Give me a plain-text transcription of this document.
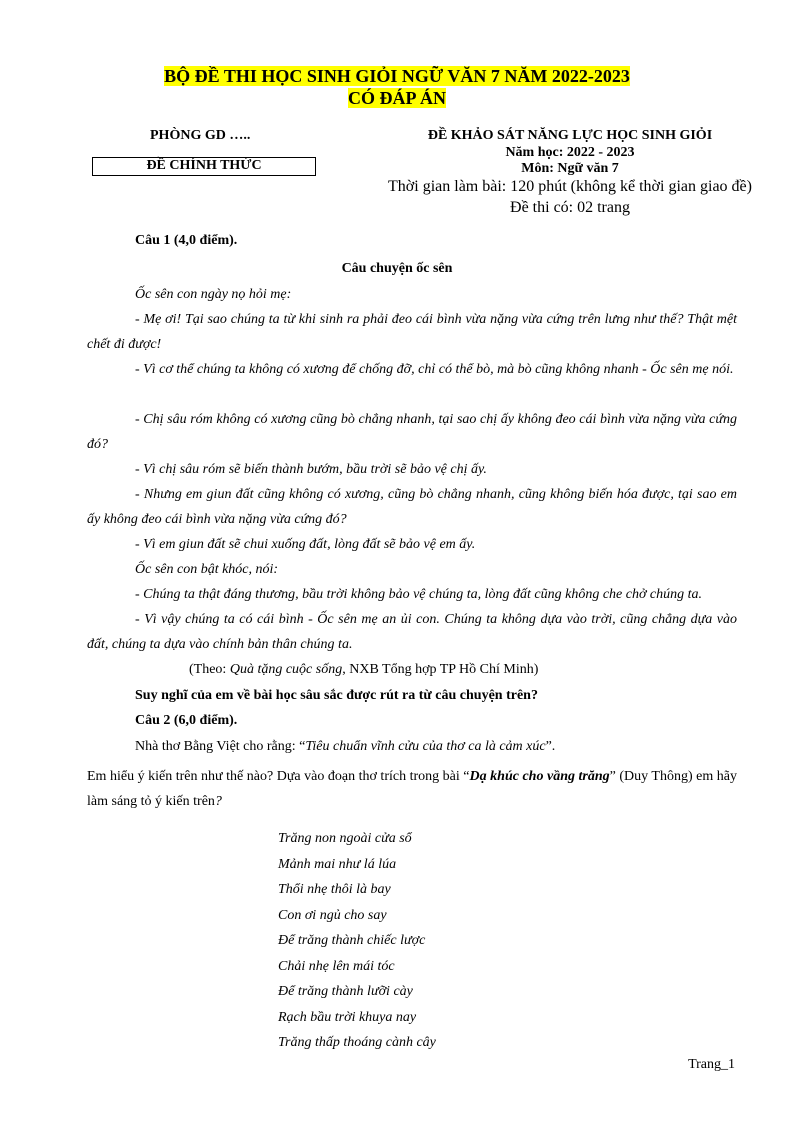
BỘ ĐỀ THI HỌC SINH GIỎI NGỮ VĂN 7 NĂM 2022-2023
CÓ ĐÁP ÁN
PHÒNG GD …..
ĐỀ CHÍNH THỨC
ĐỀ KHẢO SÁT NĂNG LỰC HỌC SINH GIỎI
Năm học: 2022 - 2023
Môn: Ngữ văn 7
Thời gian làm bài: 120 phút (không kể thời gian giao đề)
Đề thi có: 02 trang
Câu 1 (4,0 điểm).
Câu chuyện ốc sên
Ốc sên con ngày nọ hỏi mẹ:
- Mẹ ơi! Tại sao chúng ta từ khi sinh ra phải đeo cái bình vừa nặng vừa cứng trên lưng như thế? Thật mệt chết đi được!
- Vì cơ thể chúng ta không có xương để chống đỡ, chỉ có thể bò, mà bò cũng không nhanh - Ốc sên mẹ nói.
- Chị sâu róm không có xương cũng bò chẳng nhanh, tại sao chị ấy không đeo cái bình vừa nặng vừa cứng đó?
- Vì chị sâu róm sẽ biến thành bướm, bầu trời sẽ bảo vệ chị ấy.
- Nhưng em giun đất cũng không có xương, cũng bò chẳng nhanh, cũng không biến hóa được, tại sao em ấy không đeo cái bình vừa nặng vừa cứng đó?
- Vì em giun đất sẽ chui xuống đất, lòng đất sẽ bảo vệ em ấy.
Ốc sên con bật khóc, nói:
- Chúng ta thật đáng thương, bầu trời không bảo vệ chúng ta, lòng đất cũng không che chở chúng ta.
- Vì vậy chúng ta có cái bình - Ốc sên mẹ an ủi con. Chúng ta không dựa vào trời, cũng chẳng dựa vào đất, chúng ta dựa vào chính bản thân chúng ta.
(Theo: Quà tặng cuộc sống, NXB Tổng hợp TP Hồ Chí Minh)
Suy nghĩ của em về bài học sâu sắc được rút ra từ câu chuyện trên?
Câu 2 (6,0 điểm).
Nhà thơ Bằng Việt cho rằng: “Tiêu chuẩn vĩnh cửu của thơ ca là cảm xúc”.
Em hiểu ý kiến trên như thế nào? Dựa vào đoạn thơ trích trong bài “Dạ khúc cho vầng trăng” (Duy Thông) em hãy làm sáng tỏ ý kiến trên?
Trăng non ngoài cửa sổ
Mảnh mai như lá lúa
Thổi nhẹ thôi là bay
Con ơi ngủ cho say
Để trăng thành chiếc lược
Chải nhẹ lên mái tóc
Để trăng thành lưỡi cày
Rạch bầu trời khuya nay
Trăng thấp thoáng cành cây
Trang_1
